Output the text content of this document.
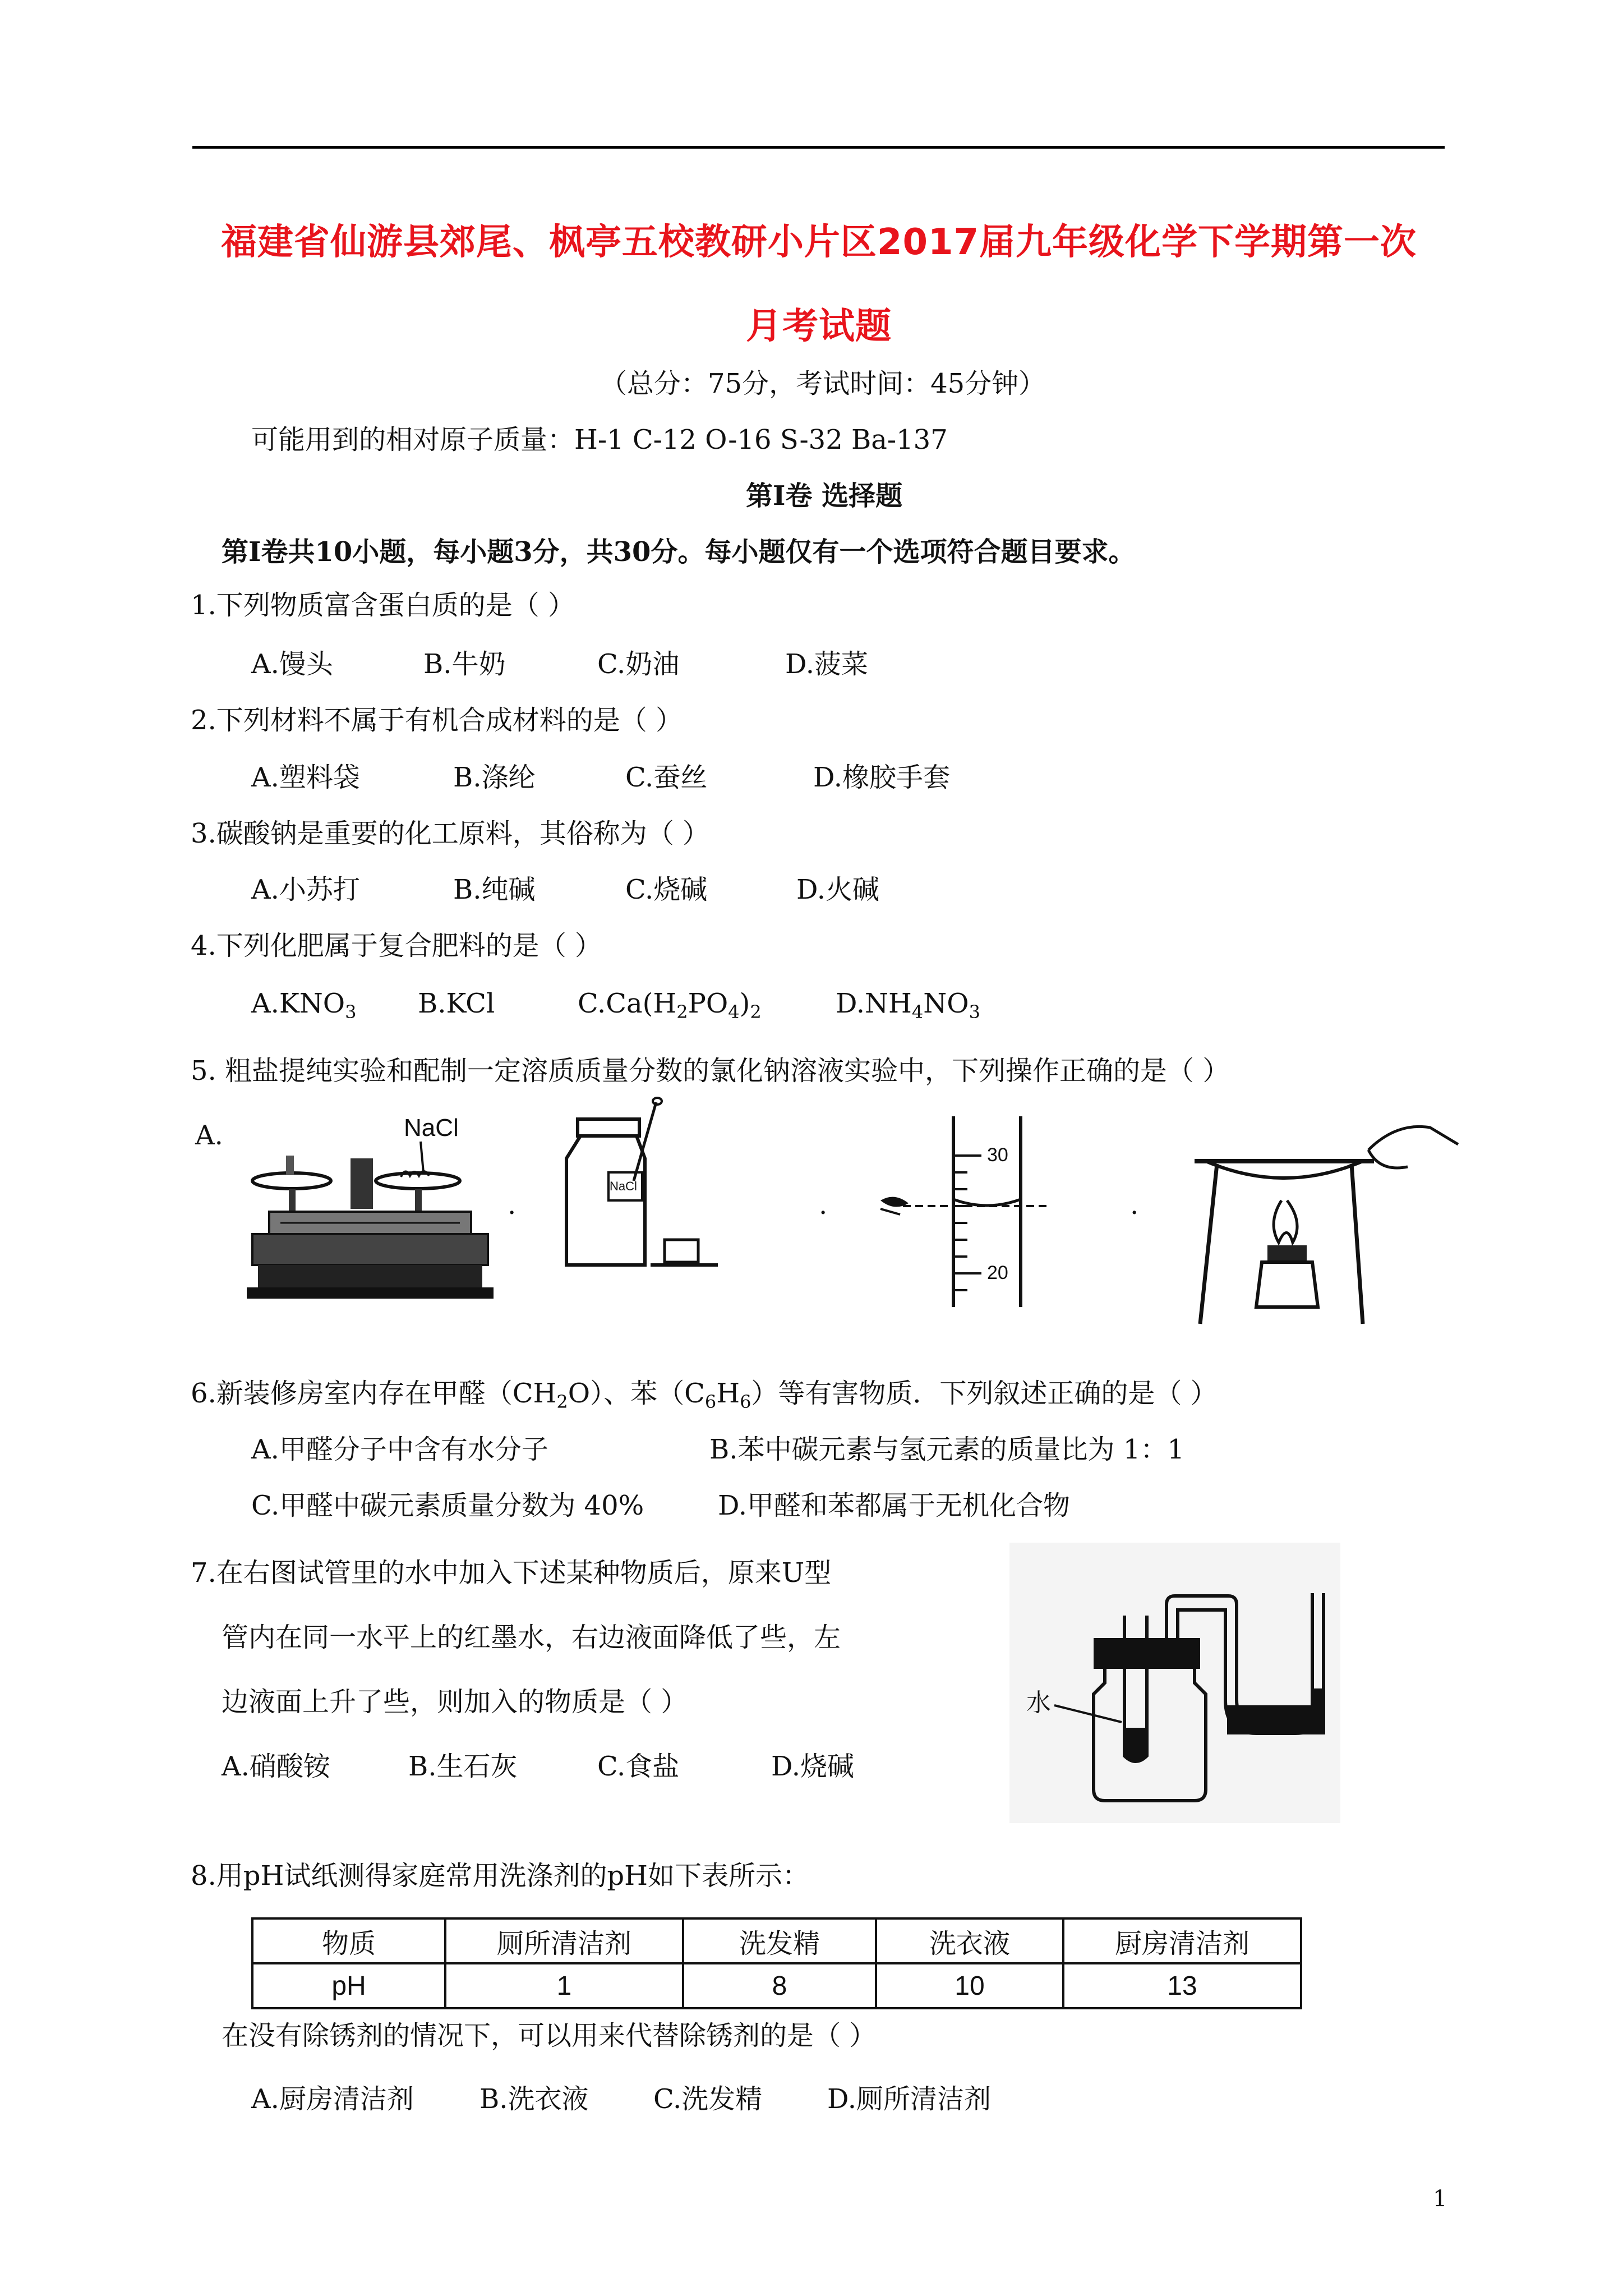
福建省仙游县郊尾、枫亭五校教研小片区2017届九年级化学下学期第一次
月考试题
（总分：75分，考试时间：45分钟）
可能用到的相对原子质量：H-1 C-12 O-16 S-32 Ba-137
第Ⅰ卷 选择题
第Ⅰ卷共10小题，每小题3分，共30分。每小题仅有一个选项符合题目要求。
1.下列物质富含蛋白质的是（ ）
A.馒头	B.牛奶	C.奶油	D.菠菜
2.下列材料不属于有机合成材料的是（ ）
A.塑料袋	B.涤纶	C.蚕丝	D.橡胶手套
3.碳酸钠是重要的化工原料，其俗称为（ ）
A.小苏打	B.纯碱	C.烧碱	D.火碱
4.下列化肥属于复合肥料的是（ ）
$A.KNO_3$ B.KCl	$C.Ca(H_2PO_4)_2$	$D.NH_4NO_3$
5. 粗盐提纯实验和配制一定溶质质量分数的氯化钠溶液实验中，下列操作正确的是（ ）
A.	NaCl
.
NaCl
.
30
20
.
6.新装修房室内存在甲醛$(CH_2O)$、苯$(C_6H_6)$等有害物质．下列叙述正确的是（ ）
A.甲醛分子中含有水分子	B.苯中碳元素与氢元素的质量比为 1：1
C.甲醛中碳元素质量分数为 40%	D.甲醛和苯都属于无机化合物
7.在右图试管里的水中加入下述某种物质后，原来U型
管内在同一水平上的红墨水，右边液面降低了些，左
边液面上升了些，则加入的物质是（ ）
A.硝酸铵	B.生石灰	C.食盐	D.烧碱
水
8.用pH试纸测得家庭常用洗涤剂的pH如下表所示：
物质	厕所清洁剂	洗发精	洗衣液	厨房清洁剂
pH	1	8	10	13
在没有除锈剂的情况下，可以用来代替除锈剂的是（ ）
A.厨房清洁剂 B.洗衣液 C.洗发精 D.厕所清洁剂
1
